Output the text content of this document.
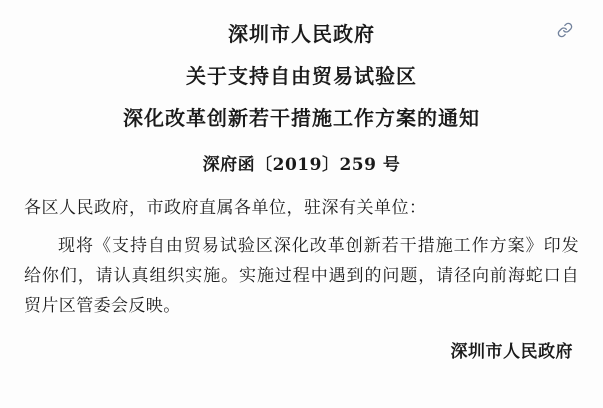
深圳市人民政府
关于支持自由贸易试验区
深化改革创新若干措施工作方案的通知
深府函〔2019〕259 号
各区人民政府，市政府直属各单位，驻深有关单位：
现将《支持自由贸易试验区深化改革创新若干措施工作方案》印发给你们，请认真组织实施。实施过程中遇到的问题，请径向前海蛇口自贸片区管委会反映。
深圳市人民政府
